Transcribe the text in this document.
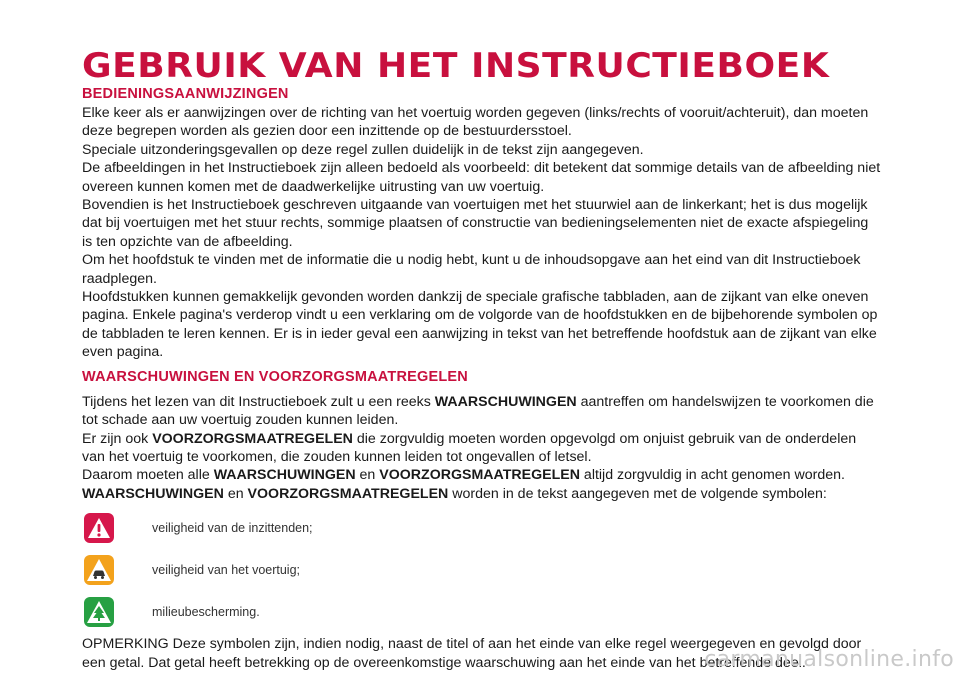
GEBRUIK VAN HET INSTRUCTIEBOEK
BEDIENINGSAANWIJZINGEN

Elke keer als er aanwijzingen over de richting van het voertuig worden gegeven (links/rechts of vooruit/achteruit), dan moeten deze begrepen worden als gezien door een inzittende op de bestuurdersstoel.

Speciale uitzonderingsgevallen op deze regel zullen duidelijk in de tekst zijn aangegeven.

De afbeeldingen in het Instructieboek zijn alleen bedoeld als voorbeeld: dit betekent dat sommige details van de afbeelding niet overeen kunnen komen met de daadwerkelijke uitrusting van uw voertuig.

Bovendien is het Instructieboek geschreven uitgaande van voertuigen met het stuurwiel aan de linkerkant; het is dus mogelijk dat bij voertuigen met het stuur rechts, sommige plaatsen of constructie van bedieningselementen niet de exacte afspiegeling is ten opzichte van de afbeelding.

Om het hoofdstuk te vinden met de informatie die u nodig hebt, kunt u de inhoudsopgave aan het eind van dit Instructieboek raadplegen.

Hoofdstukken kunnen gemakkelijk gevonden worden dankzij de speciale grafische tabbladen, aan de zijkant van elke oneven pagina. Enkele pagina's verderop vindt u een verklaring om de volgorde van de hoofdstukken en de bijbehorende symbolen op de tabbladen te leren kennen. Er is in ieder geval een aanwijzing in tekst van het betreffende hoofdstuk aan de zijkant van elke even pagina.

WAARSCHUWINGEN EN VOORZORGSMAATREGELEN

Tijdens het lezen van dit Instructieboek zult u een reeks WAARSCHUWINGEN aantreffen om handelswijzen te voorkomen die tot schade aan uw voertuig zouden kunnen leiden.

Er zijn ook VOORZORGSMAATREGELEN die zorgvuldig moeten worden opgevolgd om onjuist gebruik van de onderdelen van het voertuig te voorkomen, die zouden kunnen leiden tot ongevallen of letsel.

Daarom moeten alle WAARSCHUWINGEN en VOORZORGSMAATREGELEN altijd zorgvuldig in acht genomen worden.

WAARSCHUWINGEN en VOORZORGSMAATREGELEN worden in de tekst aangegeven met de volgende symbolen:

veiligheid van de inzittenden;
veiligheid van het voertuig;
milieubescherming.

OPMERKING Deze symbolen zijn, indien nodig, naast de titel of aan het einde van elke regel weergegeven en gevolgd door een getal. Dat getal heeft betrekking op de overeenkomstige waarschuwing aan het einde van het betreffende deel.

carmanualsonline.info
